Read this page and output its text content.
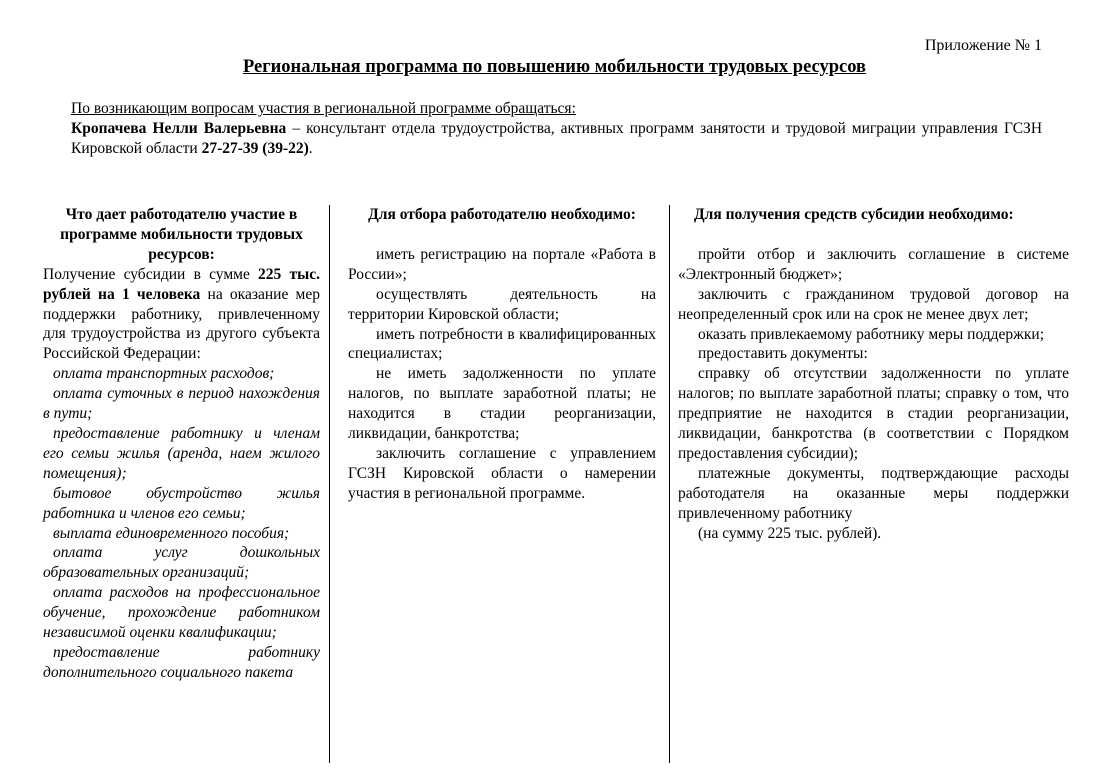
Приложение № 1
Региональная программа по повышению мобильности трудовых ресурсов
По возникающим вопросам участия в региональной программе обращаться:
Кропачева Нелли Валерьевна – консультант отдела трудоустройства, активных программ занятости и трудовой миграции управления ГСЗН Кировской области 27-27-39 (39-22).

Что дает работодателю участие в программе мобильности трудовых ресурсов:

Получение субсидии в сумме 225 тыс. рублей на 1 человека на оказание мер поддержки работнику, привлеченному для трудоустройства из другого субъекта Российской Федерации:

оплата транспортных расходов;

оплата суточных в период нахождения в пути;

предоставление работнику и членам его семьи жилья (аренда, наем жилого помещения);

бытовое обустройство жилья работника и членов его семьи;

выплата единовременного пособия;

оплата услуг дошкольных образовательных организаций;

оплата расходов на профессиональное обучение, прохождение работником независимой оценки квалификации;

предоставление работнику дополнительного социального пакета

Для отбора работодателю необходимо:

иметь регистрацию на портале «Работа в России»;

осуществлять деятельность на территории Кировской области;

иметь потребности в квалифицированных специалистах;

не иметь задолженности по уплате налогов, по выплате заработной платы; не находится в стадии реорганизации, ликвидации, банкротства;

заключить соглашение с управлением ГСЗН Кировской области о намерении участия в региональной программе.

Для получения средств субсидии необходимо:

пройти отбор и заключить соглашение в системе «Электронный бюджет»;

заключить с гражданином трудовой договор на неопределенный срок или на срок не менее двух лет;

оказать привлекаемому работнику меры поддержки;

предоставить документы:

справку об отсутствии задолженности по уплате налогов; по выплате заработной платы; справку о том, что предприятие не находится в стадии реорганизации, ликвидации, банкротства (в соответствии с Порядком предоставления субсидии);

платежные документы, подтверждающие расходы работодателя на оказанные меры поддержки привлеченному работнику

(на сумму 225 тыс. рублей).
